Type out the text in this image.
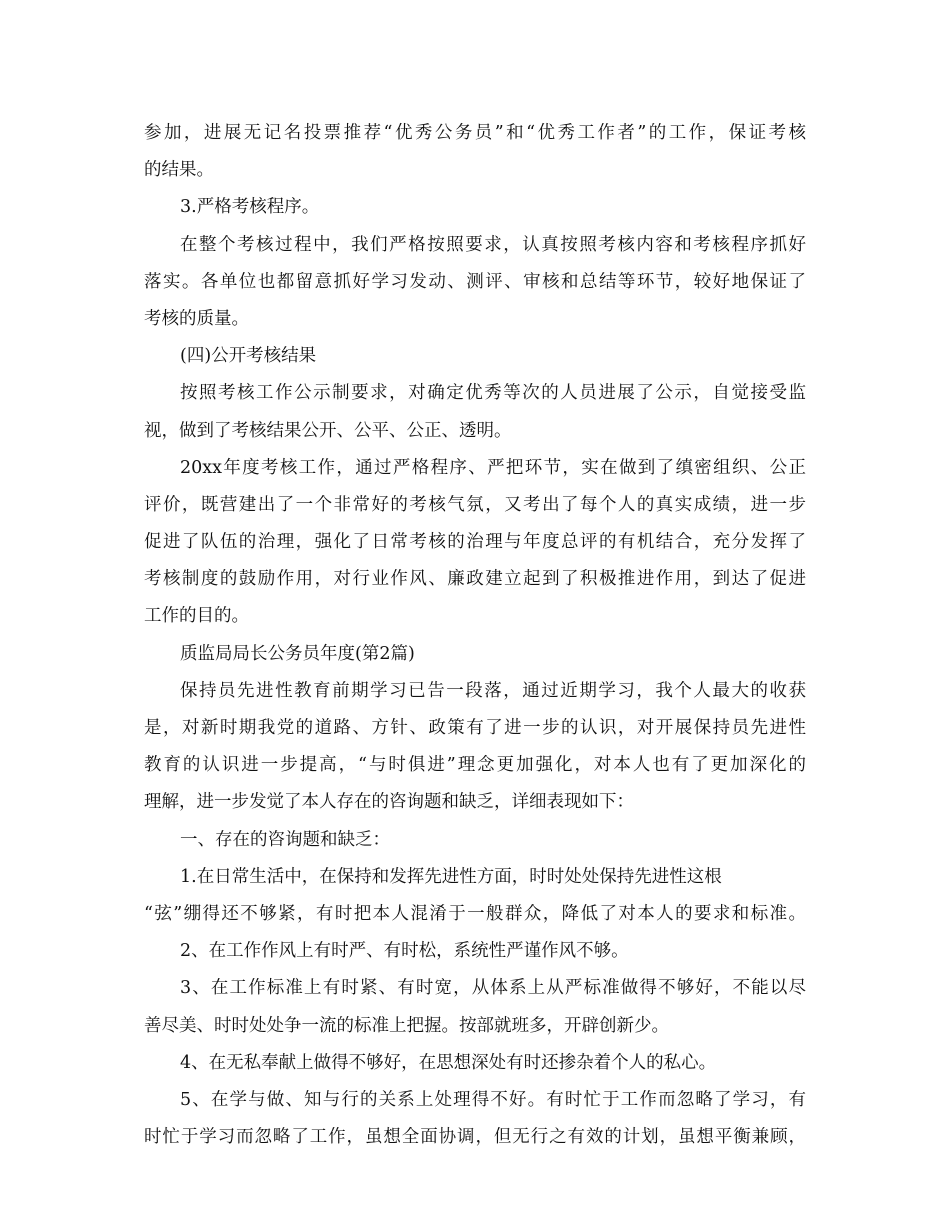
参加，进展无记名投票推荐“优秀公务员”和“优秀工作者”的工作，保证考核
的结果。
3.严格考核程序。
在整个考核过程中，我们严格按照要求，认真按照考核内容和考核程序抓好
落实。各单位也都留意抓好学习发动、测评、审核和总结等环节，较好地保证了
考核的质量。
(四)公开考核结果
按照考核工作公示制要求，对确定优秀等次的人员进展了公示，自觉接受监
视，做到了考核结果公开、公平、公正、透明。
20xx年度考核工作，通过严格程序、严把环节，实在做到了缜密组织、公正
评价，既营建出了一个非常好的考核气氛，又考出了每个人的真实成绩，进一步
促进了队伍的治理，强化了日常考核的治理与年度总评的有机结合，充分发挥了
考核制度的鼓励作用，对行业作风、廉政建立起到了积极推进作用，到达了促进
工作的目的。
质监局局长公务员年度(第2篇)
保持员先进性教育前期学习已告一段落，通过近期学习，我个人最大的收获
是，对新时期我党的道路、方针、政策有了进一步的认识，对开展保持员先进性
教育的认识进一步提高，“与时俱进”理念更加强化，对本人也有了更加深化的
理解，进一步发觉了本人存在的咨询题和缺乏，详细表现如下：
一、存在的咨询题和缺乏：
1.在日常生活中，在保持和发挥先进性方面，时时处处保持先进性这根
“弦”绷得还不够紧，有时把本人混淆于一般群众，降低了对本人的要求和标准。
2、在工作作风上有时严、有时松，系统性严谨作风不够。
3、在工作标准上有时紧、有时宽，从体系上从严标准做得不够好，不能以尽
善尽美、时时处处争一流的标准上把握。按部就班多，开辟创新少。
4、在无私奉献上做得不够好，在思想深处有时还掺杂着个人的私心。
5、在学与做、知与行的关系上处理得不好。有时忙于工作而忽略了学习，有
时忙于学习而忽略了工作，虽想全面协调，但无行之有效的计划，虽想平衡兼顾，
